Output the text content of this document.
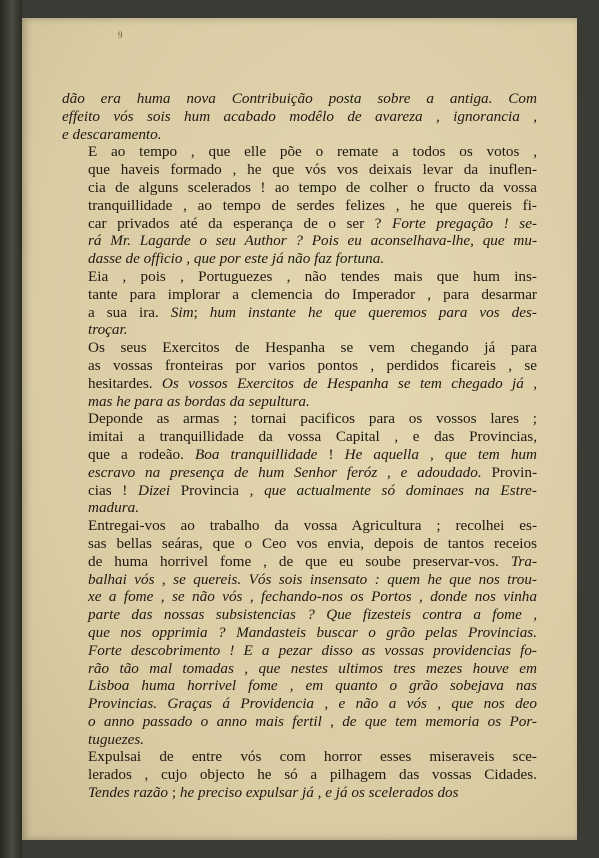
9

dão era huma nova Contribuição posta sobre a antiga. Com
effeito vós sois hum acabado modêlo de avareza , ignorancia ,
e descaramento.

E ao tempo , que elle põe o remate a todos os votos ,
que haveis formado , he que vós vos deixais levar da inuflen-
cia de alguns scelerados ! ao tempo de colher o fructo da vossa
tranquillidade , ao tempo de serdes felizes , he que quereis fi-
car privados até da esperança de o ser ? Forte pregação ! se-
rá Mr. Lagarde o seu Author ? Pois eu aconselhava-lhe, que mu-
dasse de officio , que por este já não faz fortuna.

Eia , pois , Portuguezes , não tendes mais que hum ins-
tante para implorar a clemencia do Imperador , para desarmar
a sua ira. Sim; hum instante he que queremos para vos des-
troçar.

Os seus Exercitos de Hespanha se vem chegando já para
as vossas fronteiras por varios pontos , perdidos ficareis , se
hesitardes. Os vossos Exercitos de Hespanha se tem chegado já ,
mas he para as bordas da sepultura.

Deponde as armas ; tornai pacificos para os vossos lares ;
imitai a tranquillidade da vossa Capital , e das Provincias,
que a rodeão. Boa tranquillidade ! He aquella , que tem hum
escravo na presença de hum Senhor feróz , e adoudado. Provin-
cias ! Dizei Provincia , que actualmente só dominaes na Estre-
madura.

Entregai-vos ao trabalho da vossa Agricultura ; recolhei es-
sas bellas seáras, que o Ceo vos envia, depois de tantos receios
de huma horrivel fome , de que eu soube preservar-vos. Tra-
balhai vós , se quereis. Vós sois insensato : quem he que nos trou-
xe a fome , se não vós , fechando-nos os Portos , donde nos vinha
parte das nossas subsistencias ? Que fizesteis contra a fome ,
que nos opprimia ? Mandasteis buscar o grão pelas Provincias.
Forte descobrimento ! E a pezar disso as vossas providencias fo-
rão tão mal tomadas , que nestes ultimos tres mezes houve em
Lisboa huma horrivel fome , em quanto o grão sobejava nas
Provincias. Graças á Providencia , e não a vós , que nos deo
o anno passado o anno mais fertil , de que tem memoria os Por-
tuguezes.

Expulsai de entre vós com horror esses miseraveis sce-
lerados , cujo objecto he só a pilhagem das vossas Cidades.
Tendes razão ; he preciso expulsar já , e já os scelerados dos
